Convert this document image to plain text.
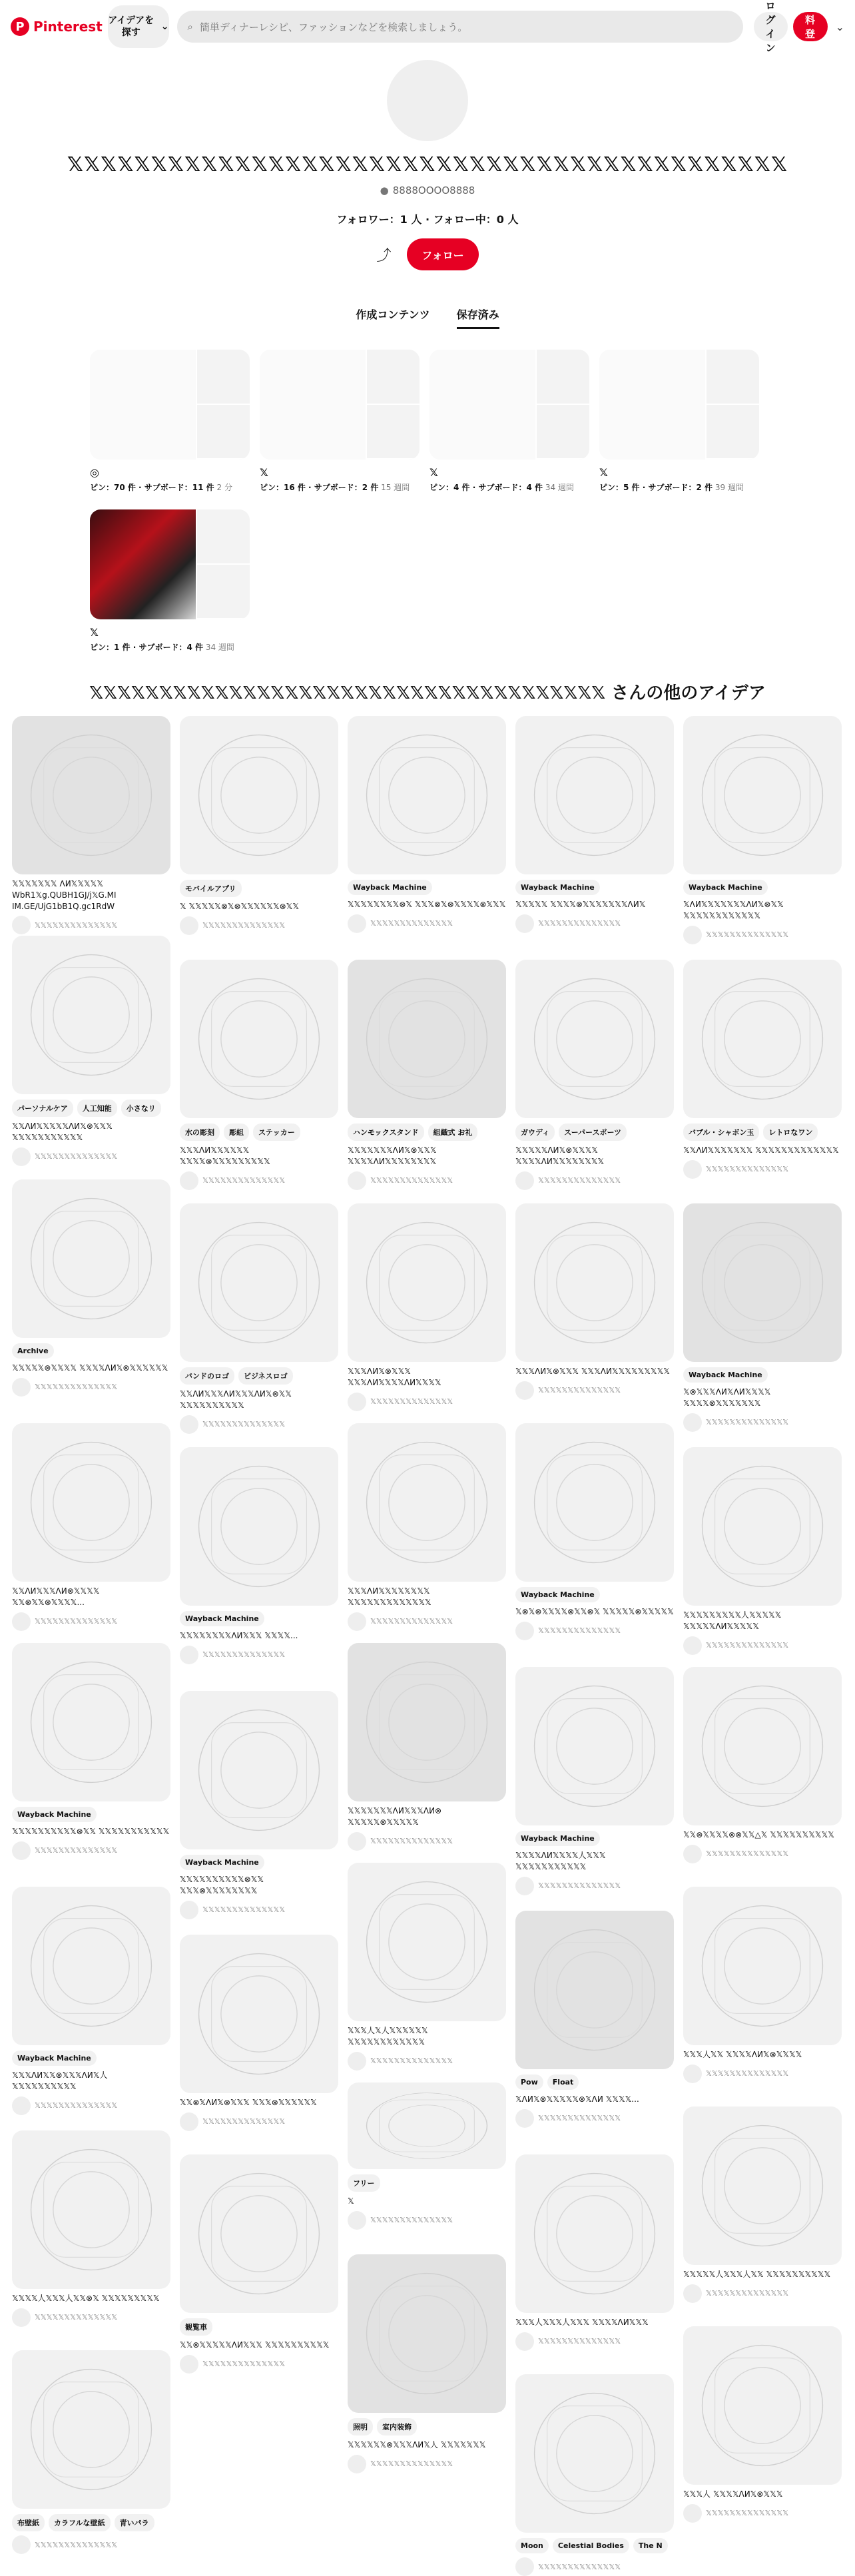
P Pinterest アイデアを探す
⌄ ⌕ 簡単ディナーレシピ、ファッションなどを検索しましょう。
ログイン
無料登録
⌄
𝕏𝕏𝕏𝕏𝕏𝕏𝕏𝕏𝕏𝕏𝕏𝕏𝕏𝕏𝕏𝕏𝕏𝕏𝕏𝕏𝕏𝕏𝕏𝕏𝕏𝕏𝕏𝕏𝕏𝕏𝕏𝕏𝕏𝕏𝕏𝕏𝕏𝕏𝕏𝕏𝕏𝕏𝕏
● 8888OOOO8888
フォロワー：1 人 · フォロー中：0 人
⤴	フォロー
作成コンテンツ	保存済み
◎
ピン：70 件 · サブボード：11 件 2 分
𝕏
ピン：16 件 · サブボード：2 件 15 週間
𝕏
ピン：4 件 · サブボード：4 件 34 週間
𝕏
ピン：5 件 · サブボード：2 件 39 週間
𝕏
ピン：1 件 · サブボード：4 件 34 週間
𝕏𝕏𝕏𝕏𝕏𝕏𝕏𝕏𝕏𝕏𝕏𝕏𝕏𝕏𝕏𝕏𝕏𝕏𝕏𝕏𝕏𝕏𝕏𝕏𝕏𝕏𝕏𝕏𝕏𝕏𝕏𝕏𝕏𝕏𝕏𝕏𝕏 さんの他のアイデア
𝕏𝕏𝕏𝕏𝕏𝕏𝕏 ɅИ𝕏𝕏𝕏𝕏𝕏 WbR1𝕏g.QUBH1GJ/j𝕏G.MI IM.GE/UjG1bB1Q.gc1RdW
𝕏𝕏𝕏𝕏𝕏𝕏𝕏𝕏𝕏𝕏𝕏𝕏𝕏𝕏
モバイルアプリ
𝕏 𝕏𝕏𝕏𝕏𝕏⊗𝕏⊗𝕏𝕏𝕏𝕏𝕏𝕏⊗𝕏𝕏
𝕏𝕏𝕏𝕏𝕏𝕏𝕏𝕏𝕏𝕏𝕏𝕏𝕏𝕏
Wayback Machine
𝕏𝕏𝕏𝕏𝕏𝕏𝕏𝕏⊗𝕏 𝕏𝕏𝕏⊗𝕏⊗𝕏𝕏𝕏𝕏⊗𝕏𝕏𝕏
𝕏𝕏𝕏𝕏𝕏𝕏𝕏𝕏𝕏𝕏𝕏𝕏𝕏𝕏
Wayback Machine
𝕏𝕏𝕏𝕏𝕏 𝕏𝕏𝕏𝕏⊗𝕏𝕏𝕏𝕏𝕏𝕏𝕏ɅИ𝕏
𝕏𝕏𝕏𝕏𝕏𝕏𝕏𝕏𝕏𝕏𝕏𝕏𝕏𝕏
Wayback Machine
𝕏ɅИ𝕏𝕏𝕏𝕏𝕏𝕏𝕏ɅИ𝕏⊗𝕏𝕏 𝕏𝕏𝕏𝕏𝕏𝕏𝕏𝕏𝕏𝕏𝕏𝕏
𝕏𝕏𝕏𝕏𝕏𝕏𝕏𝕏𝕏𝕏𝕏𝕏𝕏𝕏
パーソナルケア	人工知能	小さなリ
𝕏𝕏ɅИ𝕏𝕏𝕏𝕏𝕏ɅИ𝕏⊗𝕏𝕏𝕏 𝕏𝕏𝕏𝕏𝕏𝕏𝕏𝕏𝕏𝕏𝕏
𝕏𝕏𝕏𝕏𝕏𝕏𝕏𝕏𝕏𝕏𝕏𝕏𝕏𝕏
水の彫刻	彫組	ステッカー
𝕏𝕏𝕏ɅИ𝕏𝕏𝕏𝕏𝕏𝕏 𝕏𝕏𝕏𝕏⊗𝕏𝕏𝕏𝕏𝕏𝕏𝕏𝕏𝕏
𝕏𝕏𝕏𝕏𝕏𝕏𝕏𝕏𝕏𝕏𝕏𝕏𝕏𝕏
ハンモックスタンド	組織式 お礼
𝕏𝕏𝕏𝕏𝕏𝕏𝕏ɅИ𝕏⊗𝕏𝕏𝕏 𝕏𝕏𝕏𝕏ɅИ𝕏𝕏𝕏𝕏𝕏𝕏𝕏𝕏
𝕏𝕏𝕏𝕏𝕏𝕏𝕏𝕏𝕏𝕏𝕏𝕏𝕏𝕏
ガウディ	スーパースポーツ
𝕏𝕏𝕏𝕏𝕏ɅИ𝕏⊗𝕏𝕏𝕏𝕏 𝕏𝕏𝕏𝕏ɅИ𝕏𝕏𝕏𝕏𝕏𝕏𝕏𝕏
𝕏𝕏𝕏𝕏𝕏𝕏𝕏𝕏𝕏𝕏𝕏𝕏𝕏𝕏
バブル・シャボン玉	レトロなワン
𝕏𝕏ɅИ𝕏𝕏𝕏𝕏𝕏𝕏𝕏 𝕏𝕏𝕏𝕏𝕏𝕏𝕏𝕏𝕏𝕏𝕏𝕏𝕏
𝕏𝕏𝕏𝕏𝕏𝕏𝕏𝕏𝕏𝕏𝕏𝕏𝕏𝕏
Archive
𝕏𝕏𝕏𝕏𝕏⊗𝕏𝕏𝕏𝕏 𝕏𝕏𝕏𝕏ɅИ𝕏⊗𝕏𝕏𝕏𝕏𝕏𝕏
𝕏𝕏𝕏𝕏𝕏𝕏𝕏𝕏𝕏𝕏𝕏𝕏𝕏𝕏
バンドのロゴ	ビジネスロゴ
𝕏𝕏ɅИ𝕏𝕏𝕏ɅИ𝕏𝕏𝕏ɅИ𝕏⊗𝕏𝕏 𝕏𝕏𝕏𝕏𝕏𝕏𝕏𝕏𝕏𝕏
𝕏𝕏𝕏𝕏𝕏𝕏𝕏𝕏𝕏𝕏𝕏𝕏𝕏𝕏
𝕏𝕏𝕏ɅИ𝕏⊗𝕏𝕏𝕏 𝕏𝕏𝕏ɅИ𝕏𝕏𝕏𝕏ɅИ𝕏𝕏𝕏𝕏
𝕏𝕏𝕏𝕏𝕏𝕏𝕏𝕏𝕏𝕏𝕏𝕏𝕏𝕏
𝕏𝕏𝕏ɅИ𝕏⊗𝕏𝕏𝕏 𝕏𝕏𝕏ɅИ𝕏𝕏𝕏𝕏𝕏𝕏𝕏𝕏𝕏
𝕏𝕏𝕏𝕏𝕏𝕏𝕏𝕏𝕏𝕏𝕏𝕏𝕏𝕏
Wayback Machine
𝕏⊗𝕏𝕏𝕏ɅИ𝕏ɅИ𝕏𝕏𝕏𝕏 𝕏𝕏𝕏𝕏⊗𝕏𝕏𝕏𝕏𝕏𝕏𝕏
𝕏𝕏𝕏𝕏𝕏𝕏𝕏𝕏𝕏𝕏𝕏𝕏𝕏𝕏
𝕏𝕏ɅИ𝕏𝕏𝕏ɅИ⊗𝕏𝕏𝕏𝕏 𝕏𝕏⊗𝕏𝕏⊗𝕏𝕏𝕏𝕏...
𝕏𝕏𝕏𝕏𝕏𝕏𝕏𝕏𝕏𝕏𝕏𝕏𝕏𝕏
𝕏𝕏𝕏ɅИ𝕏𝕏𝕏𝕏𝕏𝕏𝕏𝕏 𝕏𝕏𝕏𝕏𝕏𝕏𝕏𝕏𝕏𝕏𝕏𝕏𝕏
𝕏𝕏𝕏𝕏𝕏𝕏𝕏𝕏𝕏𝕏𝕏𝕏𝕏𝕏
Wayback Machine
𝕏⊗𝕏⊗𝕏𝕏𝕏𝕏⊗𝕏𝕏⊗𝕏 𝕏𝕏𝕏𝕏𝕏⊗𝕏𝕏𝕏𝕏𝕏
𝕏𝕏𝕏𝕏𝕏𝕏𝕏𝕏𝕏𝕏𝕏𝕏𝕏𝕏
Wayback Machine
𝕏𝕏𝕏𝕏𝕏𝕏𝕏𝕏ɅИ𝕏𝕏𝕏 𝕏𝕏𝕏𝕏...
𝕏𝕏𝕏𝕏𝕏𝕏𝕏𝕏𝕏𝕏𝕏𝕏𝕏𝕏
𝕏𝕏𝕏𝕏𝕏𝕏𝕏𝕏𝕏人𝕏𝕏𝕏𝕏𝕏 𝕏𝕏𝕏𝕏𝕏ɅИ𝕏𝕏𝕏𝕏𝕏
𝕏𝕏𝕏𝕏𝕏𝕏𝕏𝕏𝕏𝕏𝕏𝕏𝕏𝕏
Wayback Machine
𝕏𝕏𝕏𝕏𝕏𝕏𝕏𝕏𝕏𝕏⊗𝕏𝕏 𝕏𝕏𝕏𝕏𝕏𝕏𝕏𝕏𝕏𝕏𝕏
𝕏𝕏𝕏𝕏𝕏𝕏𝕏𝕏𝕏𝕏𝕏𝕏𝕏𝕏
𝕏𝕏𝕏𝕏𝕏𝕏𝕏ɅИ𝕏𝕏𝕏ɅИ⊗ 𝕏𝕏𝕏𝕏𝕏⊗𝕏𝕏𝕏𝕏𝕏
𝕏𝕏𝕏𝕏𝕏𝕏𝕏𝕏𝕏𝕏𝕏𝕏𝕏𝕏	Wayback Machine
𝕏𝕏𝕏𝕏ɅИ𝕏𝕏𝕏𝕏人𝕏𝕏𝕏 𝕏𝕏𝕏𝕏𝕏𝕏𝕏𝕏𝕏𝕏𝕏
𝕏𝕏𝕏𝕏𝕏𝕏𝕏𝕏𝕏𝕏𝕏𝕏𝕏𝕏
𝕏𝕏⊗𝕏𝕏𝕏𝕏⊗⊗𝕏𝕏△𝕏 𝕏𝕏𝕏𝕏𝕏𝕏𝕏𝕏𝕏𝕏
𝕏𝕏𝕏𝕏𝕏𝕏𝕏𝕏𝕏𝕏𝕏𝕏𝕏𝕏
Wayback Machine
𝕏𝕏𝕏𝕏𝕏𝕏𝕏𝕏𝕏𝕏⊗𝕏𝕏 𝕏𝕏𝕏⊗𝕏𝕏𝕏𝕏𝕏𝕏𝕏𝕏
𝕏𝕏𝕏𝕏𝕏𝕏𝕏𝕏𝕏𝕏𝕏𝕏𝕏𝕏
𝕏𝕏𝕏人𝕏人𝕏𝕏𝕏𝕏𝕏𝕏 𝕏𝕏𝕏𝕏𝕏𝕏𝕏𝕏𝕏𝕏𝕏𝕏
𝕏𝕏𝕏𝕏𝕏𝕏𝕏𝕏𝕏𝕏𝕏𝕏𝕏𝕏
Wayback Machine
𝕏𝕏𝕏ɅИ𝕏𝕏⊗𝕏𝕏𝕏ɅИ𝕏人 𝕏𝕏𝕏𝕏𝕏𝕏𝕏𝕏𝕏𝕏
𝕏𝕏𝕏𝕏𝕏𝕏𝕏𝕏𝕏𝕏𝕏𝕏𝕏𝕏
𝕏𝕏𝕏人𝕏𝕏 𝕏𝕏𝕏𝕏ɅИ𝕏⊗𝕏𝕏𝕏𝕏
𝕏𝕏𝕏𝕏𝕏𝕏𝕏𝕏𝕏𝕏𝕏𝕏𝕏𝕏
Pow	Float
𝕏ɅИ𝕏⊗𝕏𝕏𝕏𝕏𝕏⊗𝕏ɅИ 𝕏𝕏𝕏𝕏...
𝕏𝕏𝕏𝕏𝕏𝕏𝕏𝕏𝕏𝕏𝕏𝕏𝕏𝕏
𝕏𝕏⊗𝕏ɅИ𝕏⊗𝕏𝕏𝕏 𝕏𝕏𝕏⊗𝕏𝕏𝕏𝕏𝕏𝕏
𝕏𝕏𝕏𝕏𝕏𝕏𝕏𝕏𝕏𝕏𝕏𝕏𝕏𝕏
フリー
𝕏
𝕏𝕏𝕏𝕏𝕏𝕏𝕏𝕏𝕏𝕏𝕏𝕏𝕏𝕏
𝕏𝕏𝕏𝕏𝕏人𝕏𝕏𝕏人𝕏𝕏 𝕏𝕏𝕏𝕏𝕏𝕏𝕏𝕏𝕏𝕏
𝕏𝕏𝕏𝕏𝕏𝕏𝕏𝕏𝕏𝕏𝕏𝕏𝕏𝕏
𝕏𝕏𝕏𝕏人𝕏𝕏𝕏人𝕏𝕏⊗𝕏 𝕏𝕏𝕏𝕏𝕏𝕏𝕏𝕏𝕏
𝕏𝕏𝕏𝕏𝕏𝕏𝕏𝕏𝕏𝕏𝕏𝕏𝕏𝕏
観覧車
𝕏𝕏⊗𝕏𝕏𝕏𝕏𝕏ɅИ𝕏𝕏𝕏 𝕏𝕏𝕏𝕏𝕏𝕏𝕏𝕏𝕏𝕏
𝕏𝕏𝕏𝕏𝕏𝕏𝕏𝕏𝕏𝕏𝕏𝕏𝕏𝕏
𝕏𝕏𝕏人𝕏𝕏𝕏人𝕏𝕏𝕏 𝕏𝕏𝕏𝕏ɅИ𝕏𝕏𝕏
𝕏𝕏𝕏𝕏𝕏𝕏𝕏𝕏𝕏𝕏𝕏𝕏𝕏𝕏
照明	室内装飾
𝕏𝕏𝕏𝕏𝕏𝕏⊗𝕏𝕏𝕏ɅИ𝕏人 𝕏𝕏𝕏𝕏𝕏𝕏𝕏
𝕏𝕏𝕏𝕏𝕏𝕏𝕏𝕏𝕏𝕏𝕏𝕏𝕏𝕏
𝕏𝕏𝕏人 𝕏𝕏𝕏𝕏ɅИ𝕏⊗𝕏𝕏𝕏
𝕏𝕏𝕏𝕏𝕏𝕏𝕏𝕏𝕏𝕏𝕏𝕏𝕏𝕏
布壁紙	カラフルな壁紙	青いパラ
𝕏𝕏𝕏𝕏𝕏𝕏𝕏𝕏𝕏𝕏𝕏𝕏𝕏𝕏	Moon	Celestial Bodies	The N
𝕏𝕏𝕏𝕏𝕏𝕏𝕏𝕏𝕏𝕏𝕏𝕏𝕏𝕏
